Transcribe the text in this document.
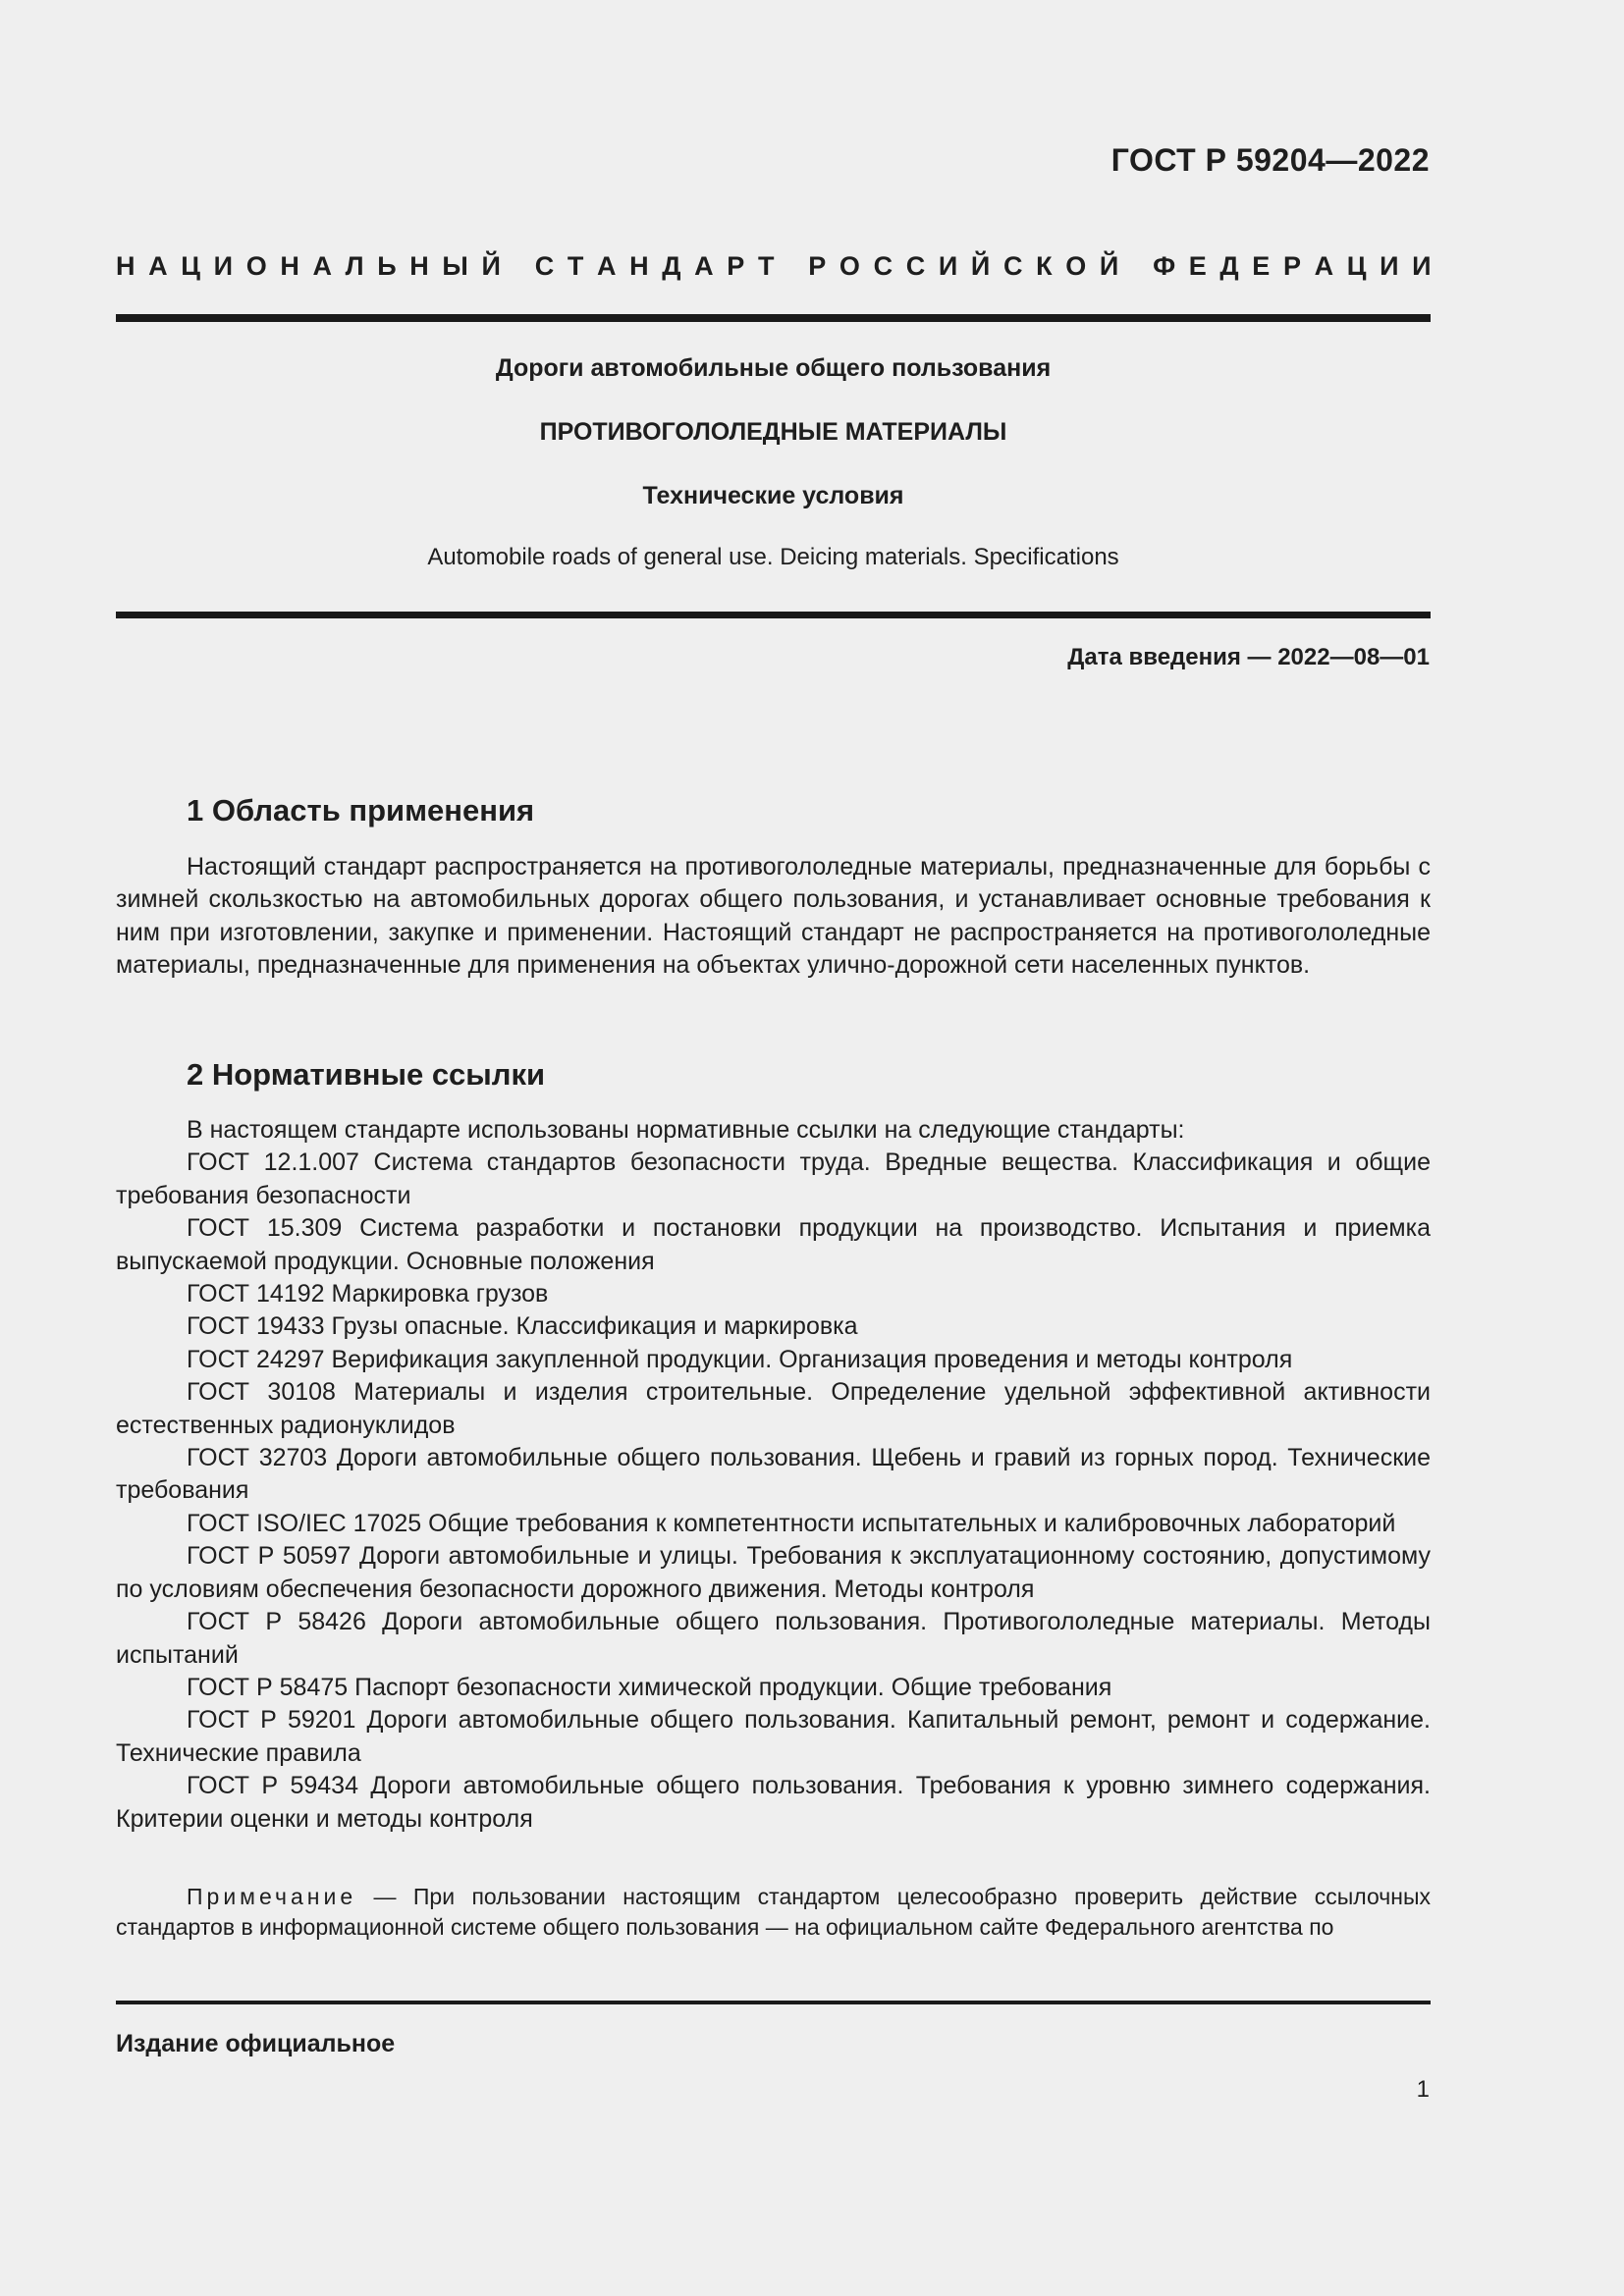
ГОСТ Р 59204—2022
Н А Ц И О Н А Л Ь Н Ы Й
С Т А Н Д А Р Т
Р О С С И Й С К О Й
Ф Е Д Е Р А Ц И И
Дороги автомобильные общего пользования
ПРОТИВОГОЛОЛЕДНЫЕ МАТЕРИАЛЫ
Технические условия
Automobile roads of general use. Deicing materials. Specifications
Дата введения — 2022—08—01
1 Область применения
Настоящий стандарт распространяется на противогололедные материалы, предназначенные для борьбы с зимней скользкостью на автомобильных дорогах общего пользования, и устанавливает основные требования к ним при изготовлении, закупке и применении. Настоящий стандарт не распространяется на противогололедные материалы, предназначенные для применения на объектах улично-дорожной сети населенных пунктов.
2 Нормативные ссылки
В настоящем стандарте использованы нормативные ссылки на следующие стандарты:
ГОСТ 12.1.007 Система стандартов безопасности труда. Вредные вещества. Классификация и общие требования безопасности
ГОСТ 15.309 Система разработки и постановки продукции на производство. Испытания и приемка выпускаемой продукции. Основные положения
ГОСТ 14192 Маркировка грузов
ГОСТ 19433 Грузы опасные. Классификация и маркировка
ГОСТ 24297 Верификация закупленной продукции. Организация проведения и методы контроля
ГОСТ 30108 Материалы и изделия строительные. Определение удельной эффективной активности естественных радионуклидов
ГОСТ 32703 Дороги автомобильные общего пользования. Щебень и гравий из горных пород. Технические требования
ГОСТ ISO/IEC 17025 Общие требования к компетентности испытательных и калибровочных лабораторий
ГОСТ Р 50597 Дороги автомобильные и улицы. Требования к эксплуатационному состоянию, допустимому по условиям обеспечения безопасности дорожного движения. Методы контроля
ГОСТ Р 58426 Дороги автомобильные общего пользования. Противогололедные материалы. Методы испытаний
ГОСТ Р 58475 Паспорт безопасности химической продукции. Общие требования
ГОСТ Р 59201 Дороги автомобильные общего пользования. Капитальный ремонт, ремонт и содержание. Технические правила
ГОСТ Р 59434 Дороги автомобильные общего пользования. Требования к уровню зимнего содержания. Критерии оценки и методы контроля
Примечание — При пользовании настоящим стандартом целесообразно проверить действие ссылочных стандартов в информационной системе общего пользования — на официальном сайте Федерального агентства по
Издание официальное
1
